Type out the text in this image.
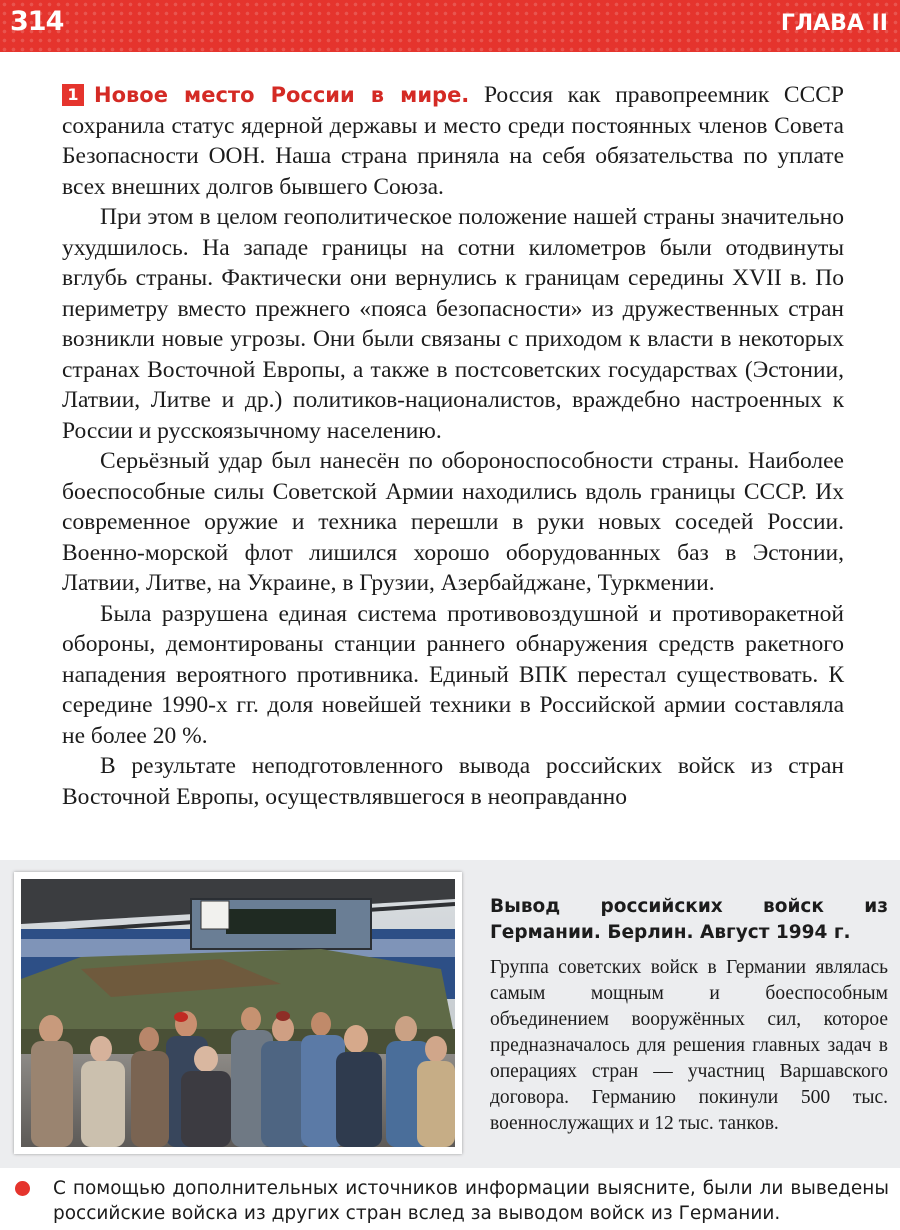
314	ГЛАВА II

1 Новое место России в мире. Россия как правопреемник СССР сохранила статус ядерной державы и место среди постоянных членов Совета Безопасности ООН. Наша страна приняла на себя обязательства по уплате всех внешних долгов бывшего Союза.

При этом в целом геополитическое положение нашей страны значительно ухудшилось. На западе границы на сотни километров были отодвинуты вглубь страны. Фактически они вернулись к границам середины XVII в. По периметру вместо прежнего «пояса безопасности» из дружественных стран возникли новые угрозы. Они были связаны с приходом к власти в некоторых странах Восточной Европы, а также в постсоветских государствах (Эстонии, Латвии, Литве и др.) политиков-националистов, враждебно настроенных к России и русскоязычному населению.

Серьёзный удар был нанесён по обороноспособности страны. Наиболее боеспособные силы Советской Армии находились вдоль границы СССР. Их современное оружие и техника перешли в руки новых соседей России. Военно-морской флот лишился хорошо оборудованных баз в Эстонии, Латвии, Литве, на Украине, в Грузии, Азербайджане, Туркмении.

Была разрушена единая система противовоздушной и противоракетной обороны, демонтированы станции раннего обнаружения средств ракетного нападения вероятного противника. Единый ВПК перестал существовать. К середине 1990-х гг. доля новейшей техники в Российской армии составляла не более 20 %.

В результате неподготовленного вывода российских войск из стран Восточной Европы, осуществлявшегося в неоправданно

Вывод российских войск из Германии. Берлин. Август 1994 г.

Группа советских войск в Германии являлась самым мощным и боеспособным объединением вооружённых сил, которое предназначалось для решения главных задач в операциях стран — участниц Варшавского договора. Германию покинули 500 тыс. военнослужащих и 12 тыс. танков.

С помощью дополнительных источников информации выясните, были ли выведены российские войска из других стран вслед за выводом войск из Германии.
